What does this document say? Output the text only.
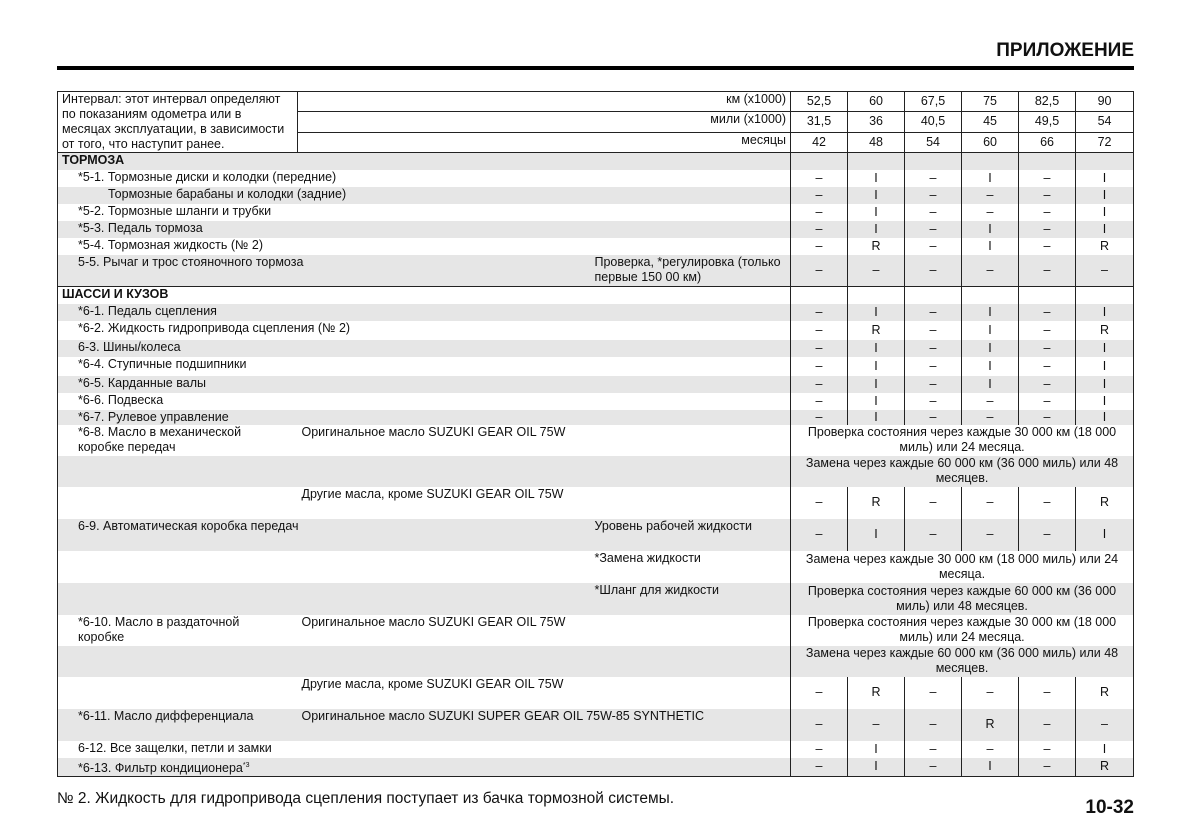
ПРИЛОЖЕНИЕ
Интервал: этот интервал определяют по показаниям одометра или в месяцах эксплуатации, в зависимости от того, что наступит ранее.	км (x1000)		52,5	60	67,5	75	82,5	90
	мили (x1000)		31,5	36	40,5	45	49,5	54
	месяцы		42	48	54	60	66	72
ТОРМОЗА								
*5-1. Тормозные диски и колодки (передние)			–	I	–	I	–	I
Тормозные барабаны и колодки (задние)			–	I	–	–	–	I
*5-2. Тормозные шланги и трубки			–	I	–	–	–	I
*5-3. Педаль тормоза			–	I	–	I	–	I
*5-4. Тормозная жидкость (№ 2)			–	R	–	I	–	R
5-5. Рычаг и трос стояночного тормоза		Проверка, *регулировка (только первые 150 00 км)	–	–	–	–	–	–
ШАССИ И КУЗОВ								
*6-1. Педаль сцепления			–	I	–	I	–	I
*6-2. Жидкость гидропривода сцепления (№ 2)			–	R	–	I	–	R
6-3. Шины/колеса			–	I	–	I	–	I
*6-4. Ступичные подшипники			–	I	–	I	–	I
*6-5. Карданные валы			–	I	–	I	–	I
*6-6. Подвеска			–	I	–	–	–	I
*6-7. Рулевое управление			–	I	–	–	–	I
*6-8. Масло в механической коробке передач	Оригинальное масло SUZUKI GEAR OIL 75W		Проверка состояния через каждые 30 000 км (18 000 миль) или 24 месяца.					
			Замена через каждые 60 000 км (36 000 миль) или 48 месяцев.					
	Другие масла, кроме SUZUKI GEAR OIL 75W		–	R	–	–	–	R
6-9. Автоматическая коробка передач		Уровень рабочей жидкости	–	I	–	–	–	I
		*Замена жидкости	Замена через каждые 30 000 км (18 000 миль) или 24 месяца.					
		*Шланг для жидкости	Проверка состояния через каждые 60 000 км (36 000 миль) или 48 месяцев.					
*6-10. Масло в раздаточной коробке	Оригинальное масло SUZUKI GEAR OIL 75W		Проверка состояния через каждые 30 000 км (18 000 миль) или 24 месяца.					
			Замена через каждые 60 000 км (36 000 миль) или 48 месяцев.					
	Другие масла, кроме SUZUKI GEAR OIL 75W		–	R	–	–	–	R
*6-11. Масло дифференциала	Оригинальное масло SUZUKI SUPER GEAR OIL 75W-85 SYNTHETIC		–	–	–	R	–	–
6-12. Все защелки, петли и замки			–	I	–	–	–	I
*6-13. Фильтр кондиционера$^{*3}$			–	I	–	I	–	R
№ 2. Жидкость для гидропривода сцепления поступает из бачка тормозной системы.	10-32
